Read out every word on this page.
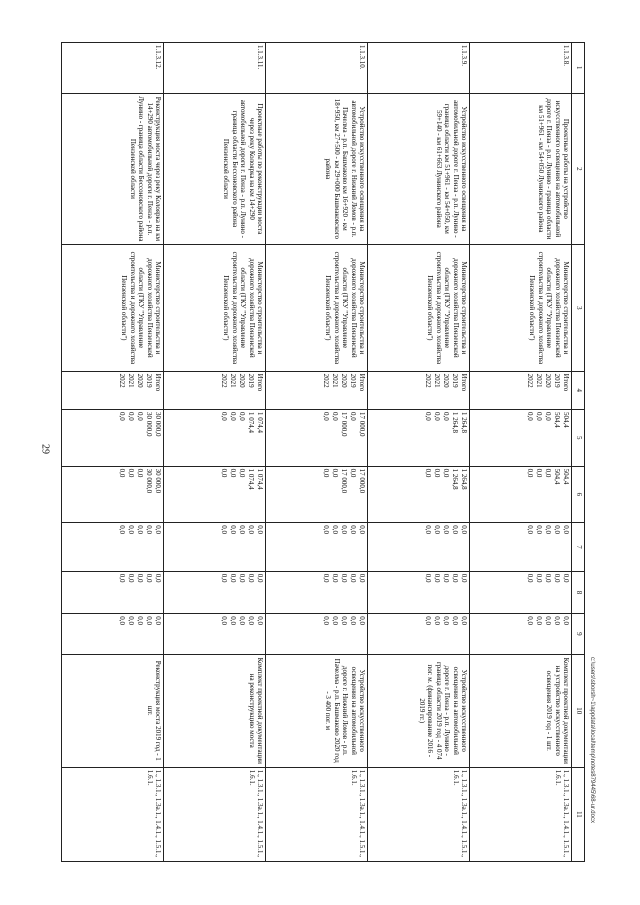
29
1	2	3	4	5	6	7	8	9	10	11
1.1.3.8.	Проектные работы на устройство искусственного освещения на автомобильной дороге г. Пенза - р.п. Лунино - граница области км 51+961 - км 54+050 Лунинского района	Министерство строительства и дорожного хозяйства Пензенской области (ГКУ "Управление строительства и дорожного хозяйства Пензенской области")	Итого
2019
2020
2021
2022	504,4
504,4
0,0
0,0
0,0	504,4
504,4
0,0
0,0
0,0	0,0
0,0
0,0
0,0
0,0	0,0
0,0
0,0
0,0
0,0	0,0
0,0
0,0
0,0
0,0	Комплект проектной документации на устройство искусственного освещения 2019 год - 1 шт.	1., 1.3.1., 1.3а.1., 1.4.1., 1.5.1., 1.6.1.
1.1.3.9.	Устройство искусственного освещения на автомобильной дороге г. Пенза - р.п. Лунино - граница области км 51+961 - км 54+050, км 59+140 - км 61+663 Лунинского района	Министерство строительства и дорожного хозяйства Пензенской области (ГКУ "Управление строительства и дорожного хозяйства Пензенской области")	Итого
2019
2020
2021
2022	1 264,8
1 264,8
0,0
0,0
0,0	1 264,8
1 264,8
0,0
0,0
0,0	0,0
0,0
0,0
0,0
0,0	0,0
0,0
0,0
0,0
0,0	0,0
0,0
0,0
0,0
0,0	Устройство искусственного освещения на автомобильной дороге г. Пенза - р.п. Лунино - граница области 2019 год - 4 074 пог. м. (финансирование 2016 - 2019 гг.)	1., 1.3.1., 1.3а.1., 1.4.1., 1.5.1., 1.6.1.
1.1.3.10.	Устройство искусственного освещения на автомобильной дороге г. Нижний Ломов - р.п. Пачелма - р.п. Башмаково км 16+920 - км 18+950, км 27+500 - км 29+000 Башмаковского района	Министерство строительства и дорожного хозяйства Пензенской области (ГКУ "Управление строительства и дорожного хозяйства Пензенской области")	Итого
2019
2020
2021
2022	17 000,0
0,0
17 000,0
0,0
0,0	17 000,0
0,0
17 000,0
0,0
0,0	0,0
0,0
0,0
0,0
0,0	0,0
0,0
0,0
0,0
0,0	0,0
0,0
0,0
0,0
0,0	Устройство искусственного освещения на автомобильной дороге г. Нижний Ломов - р.п. Пачелма - р.п. Башмаково 2020 год - 3 400 пог. м	1., 1.3.1., 1.3а.1., 1.4.1., 1.5.1., 1.6.1.
1.1.3.11.	Проектные работы по реконструкции моста через реку Колоярка на км 14+290 автомобильной дороги г. Пенза - р.п. Лунино - граница области Бессоновского района Пензенской области	Министерство строительства и дорожного хозяйства Пензенской области (ГКУ "Управление строительства и дорожного хозяйства Пензенской области")	Итого
2019
2020
2021
2022	1 074,4
1 074,4
0,0
0,0
0,0	1 074,4
1 074,4
0,0
0,0
0,0	0,0
0,0
0,0
0,0
0,0	0,0
0,0
0,0
0,0
0,0	0,0
0,0
0,0
0,0
0,0	Комплект проектной документации на реконструкцию моста	1., 1.3.1., 1.3а.1., 1.4.1., 1.5.1., 1.6.1.
1.1.3.12.	Реконструкция моста через реку Колоярка на км 14+290 автомобильной дороги г. Пенза - р.п. Лунино - граница области Бессоновского района Пензенской области	Министерство строительства и дорожного хозяйства Пензенской области (ГКУ "Управление строительства и дорожного хозяйства Пензенской области")	Итого
2019
2020
2021
2022	30 000,0
30 000,0
0,0
0,0
0,0	30 000,0
30 000,0
0,0
0,0
0,0	0,0
0,0
0,0
0,0
0,0	0,0
0,0
0,0
0,0
0,0	0,0
0,0
0,0
0,0
0,0	Реконструкция моста 2019 год - 1 шт.	1., 1.3.1., 1.3а.1., 1.4.1., 1.5.1., 1.6.1.	c:\users\sborsh~1\appdata\local\temp\notes879445\68-ur.docx
